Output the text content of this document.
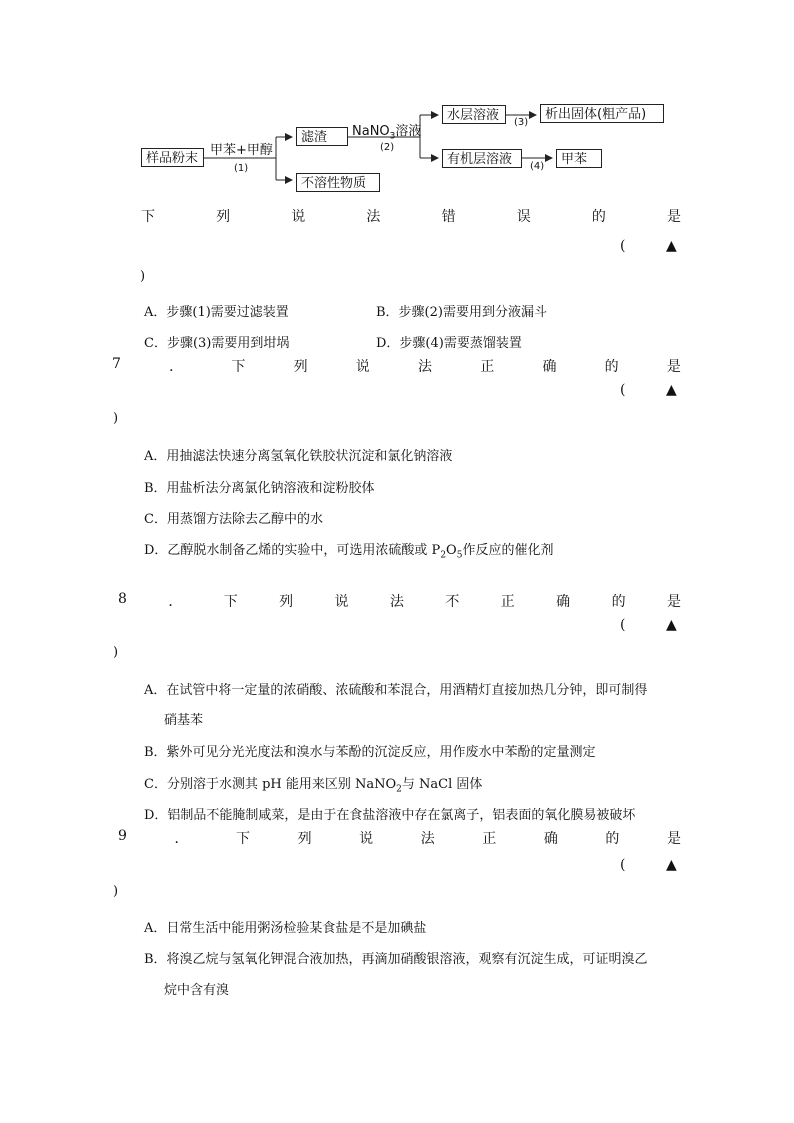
样品粉末
甲苯+甲醇
(1)
滤渣
不溶性物质
NaNO$_3$溶液
(2)
水层溶液
有机层溶液
(3)
(4)
析出固体(粗产品)
甲苯
下	列	说	法	错	误	的	是
(	▲
)
A．步骤(1)需要过滤装置	B．步骤(2)需要用到分液漏斗
C．步骤(3)需要用到坩埚	D．步骤(4)需要蒸馏装置
7	．	下	列	说	法	正	确	的	是
(	▲
)
A．用抽滤法快速分离氢氧化铁胶状沉淀和氯化钠溶液
B．用盐析法分离氯化钠溶液和淀粉胶体
C．用蒸馏方法除去乙醇中的水
D．乙醇脱水制备乙烯的实验中，可选用浓硫酸或 $P_2O_5$作反应的催化剂
8	．	下	列	说	法	不	正	确	的	是
(	▲
)
A．在试管中将一定量的浓硝酸、浓硫酸和苯混合，用酒精灯直接加热几分钟，即可制得
硝基苯
B．紫外可见分光光度法和溴水与苯酚的沉淀反应，用作废水中苯酚的定量测定
C．分别溶于水测其 pH 能用来区别 NaNO$_2$与 NaCl 固体
D．铝制品不能腌制咸菜，是由于在食盐溶液中存在氯离子，铝表面的氧化膜易被破坏
9	．	下	列	说	法	正	确	的	是
(	▲
)
A．日常生活中能用粥汤检验某食盐是不是加碘盐
B．将溴乙烷与氢氧化钾混合液加热，再滴加硝酸银溶液，观察有沉淀生成，可证明溴乙
烷中含有溴
